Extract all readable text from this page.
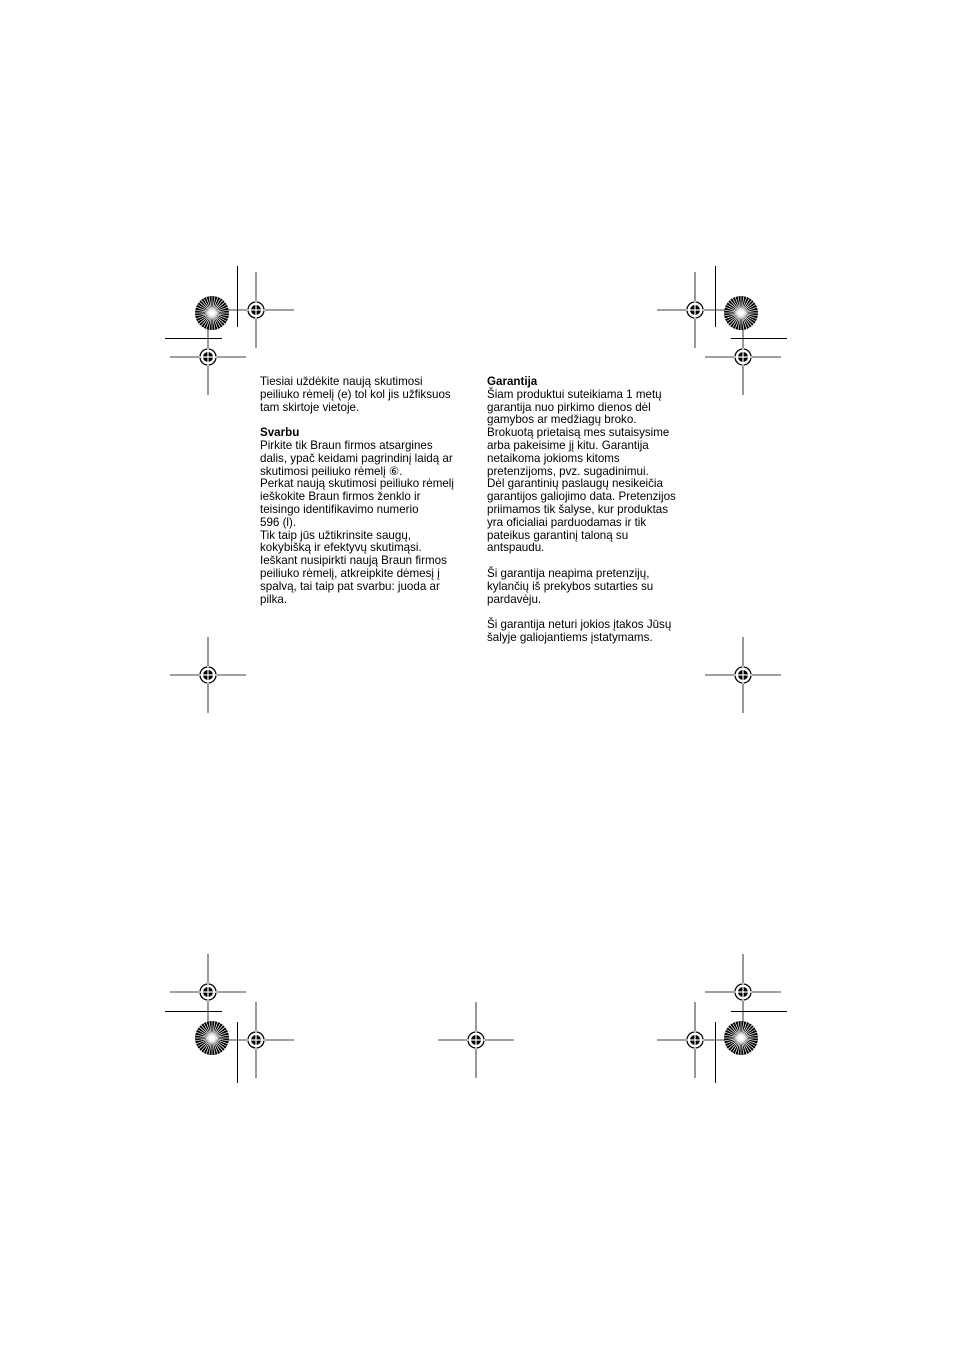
Tiesiai uždėkite naują skutimosi

peiliuko rėmelį (e) tol kol jis užfiksuos

tam skirtoje vietoje.

Svarbu

Pirkite tik Braun firmos atsargines

dalis, ypač keidami pagrindinį laidą ar

skutimosi peiliuko rėmelį ⑥.

Perkat naują skutimosi peiliuko rėmelį

ieškokite Braun firmos ženklo ir

teisingo identifikavimo numerio

596 (l).

Tik taip jūs užtikrinsite saugų,

kokybišką ir efektyvų skutimąsi.

Ieškant nusipirkti naują Braun firmos

peiliuko rėmelį, atkreipkite dėmesį į

spalvą, tai taip pat svarbu: juoda ar

pilka.

Garantija

Šiam produktui suteikiama 1 metų

garantija nuo pirkimo dienos dėl

gamybos ar medžiagų broko.

Brokuotą prietaisą mes sutaisysime

arba pakeisime jį kitu. Garantija

netaikoma jokioms kitoms

pretenzijoms, pvz. sugadinimui.

Dėl garantinių paslaugų nesikeičia

garantijos galiojimo data. Pretenzijos

priimamos tik šalyse, kur produktas

yra oficialiai parduodamas ir tik

pateikus garantinį taloną su

antspaudu.

Ši garantija neapima pretenzijų,

kylančių iš prekybos sutarties su

pardavėju.

Ši garantija neturi jokios įtakos Jūsų

šalyje galiojantiems įstatymams.
